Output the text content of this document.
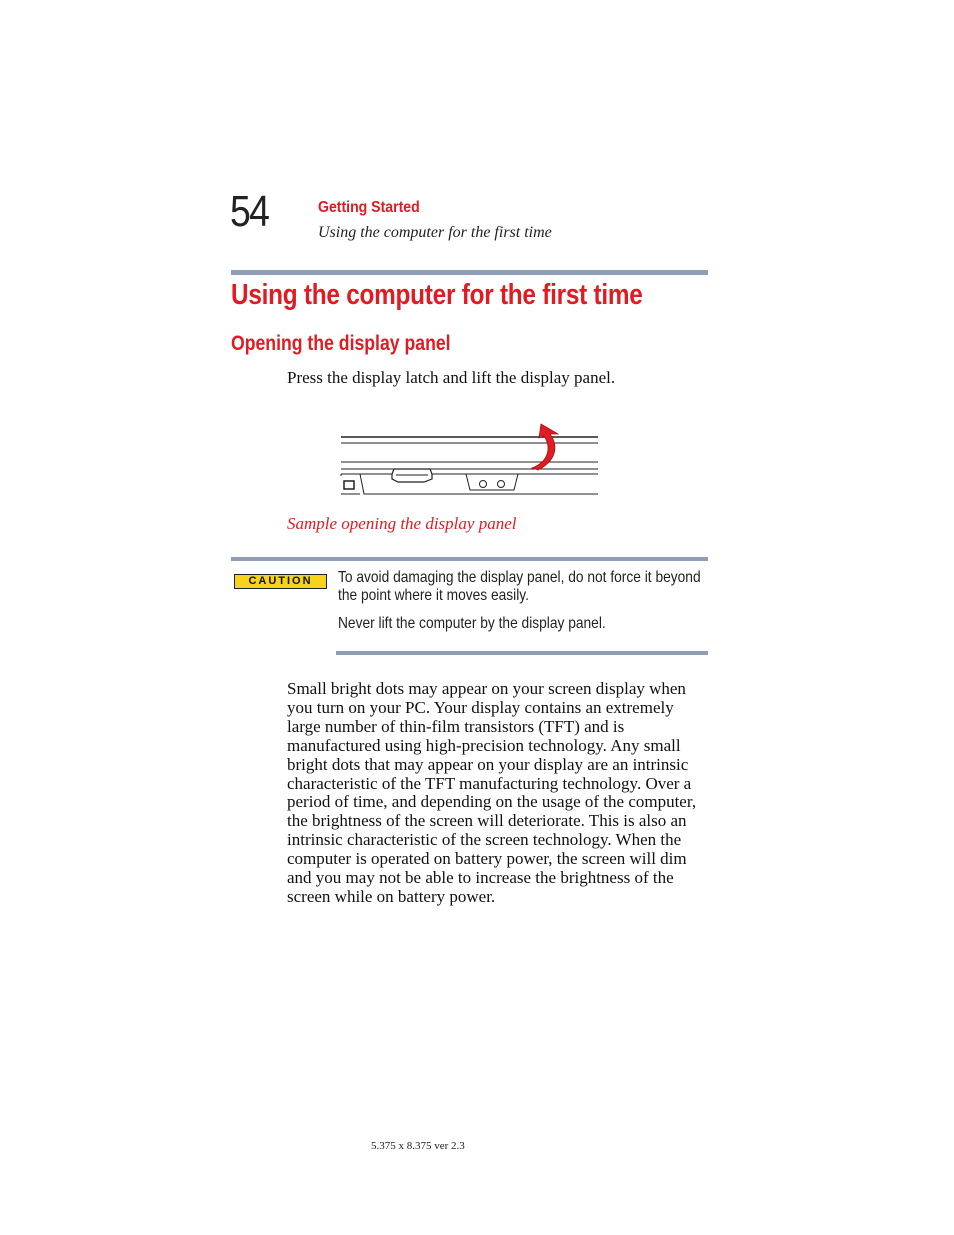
54	Getting Started
Using the computer for the first time
Using the computer for the first time
Opening the display panel
Press the display latch and lift the display panel.
Sample opening the display panel
CAUTION	To avoid damaging the display panel, do not force it beyond
the point where it moves easily.
Never lift the computer by the display panel.
Small bright dots may appear on your screen display when
you turn on your PC. Your display contains an extremely
large number of thin-film transistors (TFT) and is
manufactured using high-precision technology. Any small
bright dots that may appear on your display are an intrinsic
characteristic of the TFT manufacturing technology. Over a
period of time, and depending on the usage of the computer,
the brightness of the screen will deteriorate. This is also an
intrinsic characteristic of the screen technology. When the
computer is operated on battery power, the screen will dim
and you may not be able to increase the brightness of the
screen while on battery power.
5.375 x 8.375 ver 2.3
